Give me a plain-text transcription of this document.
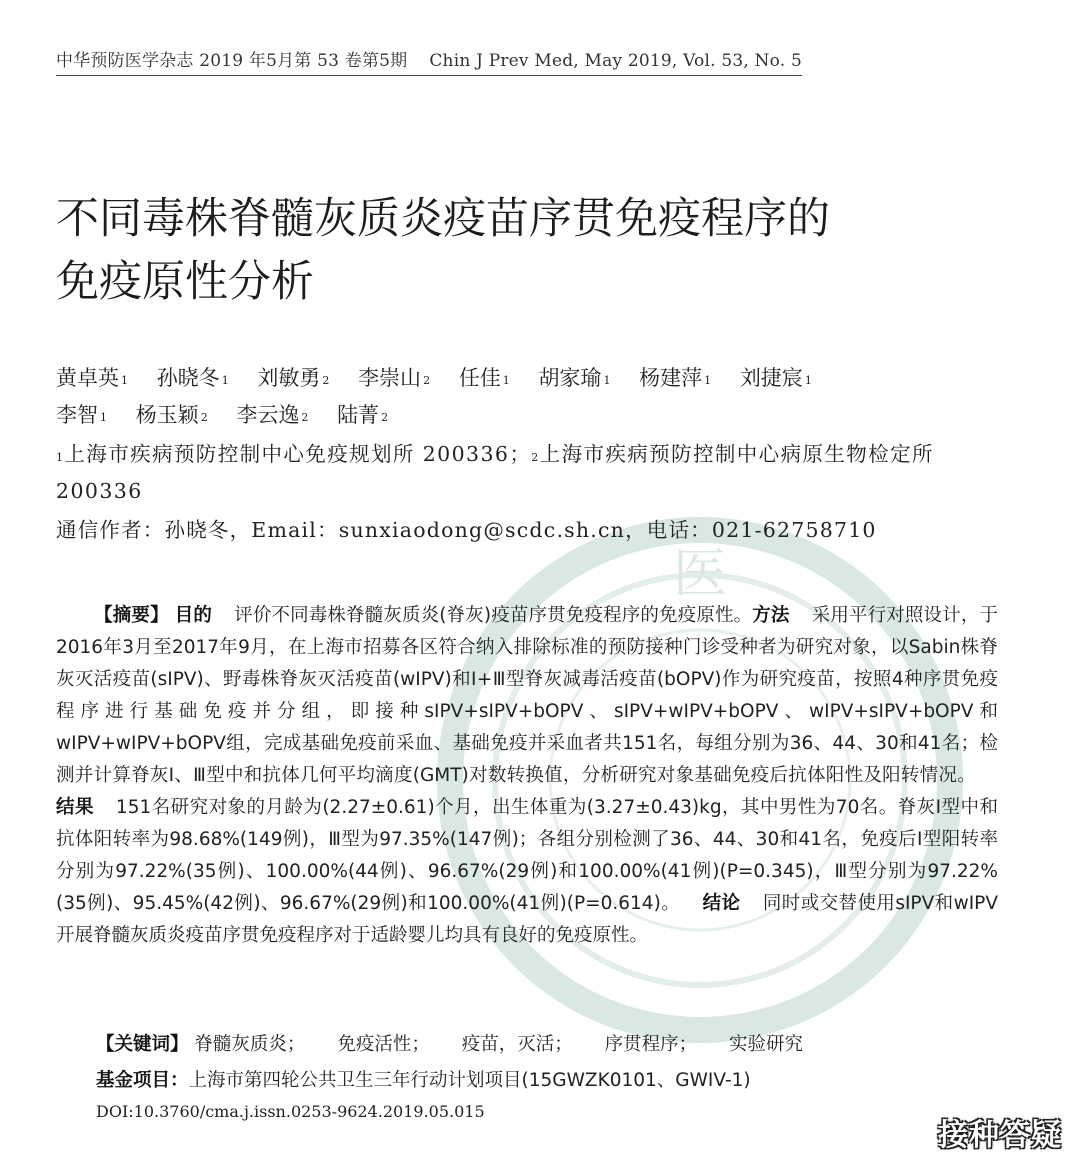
医
中华预防医学杂志 2019 年5月第 53 卷第5期 Chin J Prev Med, May 2019, Vol. 53, No. 5
不同毒株脊髓灰质炎疫苗序贯免疫程序的
免疫原性分析
黄卓英 $^1$ 孙晓冬 $^1$ 刘敏勇 $^2$ 李崇山 $^2$ 任佳 $^1$ 胡家瑜 $^1$ 杨建萍 $^1$ 刘捷宸 $^1$
李智 $^1$ 杨玉颖 $^2$ 李云逸 $^2$ 陆菁 $^2$
$^1$上海市疾病预防控制中心免疫规划所 200336；$^2$上海市疾病预防控制中心病原生物检定所 200336
通信作者：孙晓冬，Email：sunxiaodong@scdc.sh.cn，电话：021-62758710
【摘要】 目的 评价不同毒株脊髓灰质炎(脊灰)疫苗序贯免疫程序的免疫原性。方法 采用平行对照设计，于2016年3月至2017年9月，在上海市招募各区符合纳入排除标准的预防接种门诊受种者为研究对象，以Sabin株脊灰灭活疫苗(sIPV)、野毒株脊灰灭活疫苗(wIPV)和Ⅰ+Ⅲ型脊灰减毒活疫苗(bOPV)作为研究疫苗，按照4种序贯免疫程序进行基础免疫并分组，即接种sIPV+sIPV+bOPV、sIPV+wIPV+bOPV、wIPV+sIPV+bOPV和wIPV+wIPV+bOPV组，完成基础免疫前采血、基础免疫并采血者共151名，每组分别为36、44、30和41名；检测并计算脊灰Ⅰ、Ⅲ型中和抗体几何平均滴度(GMT)对数转换值，分析研究对象基础免疫后抗体阳性及阳转情况。结果 151名研究对象的月龄为(2.27±0.61)个月，出生体重为(3.27±0.43)kg，其中男性为70名。脊灰Ⅰ型中和抗体阳转率为98.68%(149例)，Ⅲ型为97.35%(147例)；各组分别检测了36、44、30和41名，免疫后Ⅰ型阳转率分别为97.22%(35例)、100.00%(44例)、96.67%(29例)和100.00%(41例)(P=0.345)，Ⅲ型分别为97.22%(35例)、95.45%(42例)、96.67%(29例)和100.00%(41例)(P=0.614)。 结论 同时或交替使用sIPV和wIPV开展脊髓灰质炎疫苗序贯免疫程序对于适龄婴儿均具有良好的免疫原性。
【关键词】 脊髓灰质炎； 免疫活性； 疫苗，灭活； 序贯程序； 实验研究
基金项目：上海市第四轮公共卫生三年行动计划项目(15GWZK0101、GWIV-1)
DOI:10.3760/cma.j.issn.0253-9624.2019.05.015
接种答疑
